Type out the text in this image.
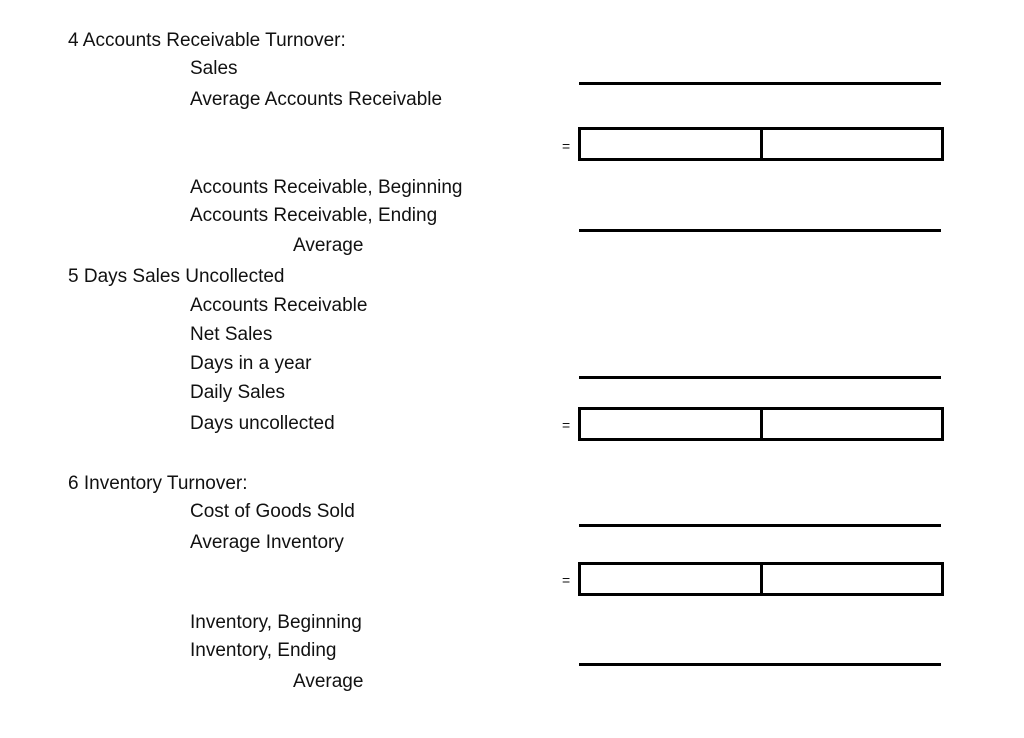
4 Accounts Receivable Turnover:
Sales
Average Accounts Receivable
=
Accounts Receivable, Beginning
Accounts Receivable, Ending
Average
5 Days Sales Uncollected
Accounts Receivable
Net Sales
Days in a year
Daily Sales
Days uncollected	=
6 Inventory Turnover:
Cost of Goods Sold
Average Inventory
=
Inventory, Beginning
Inventory, Ending
Average
